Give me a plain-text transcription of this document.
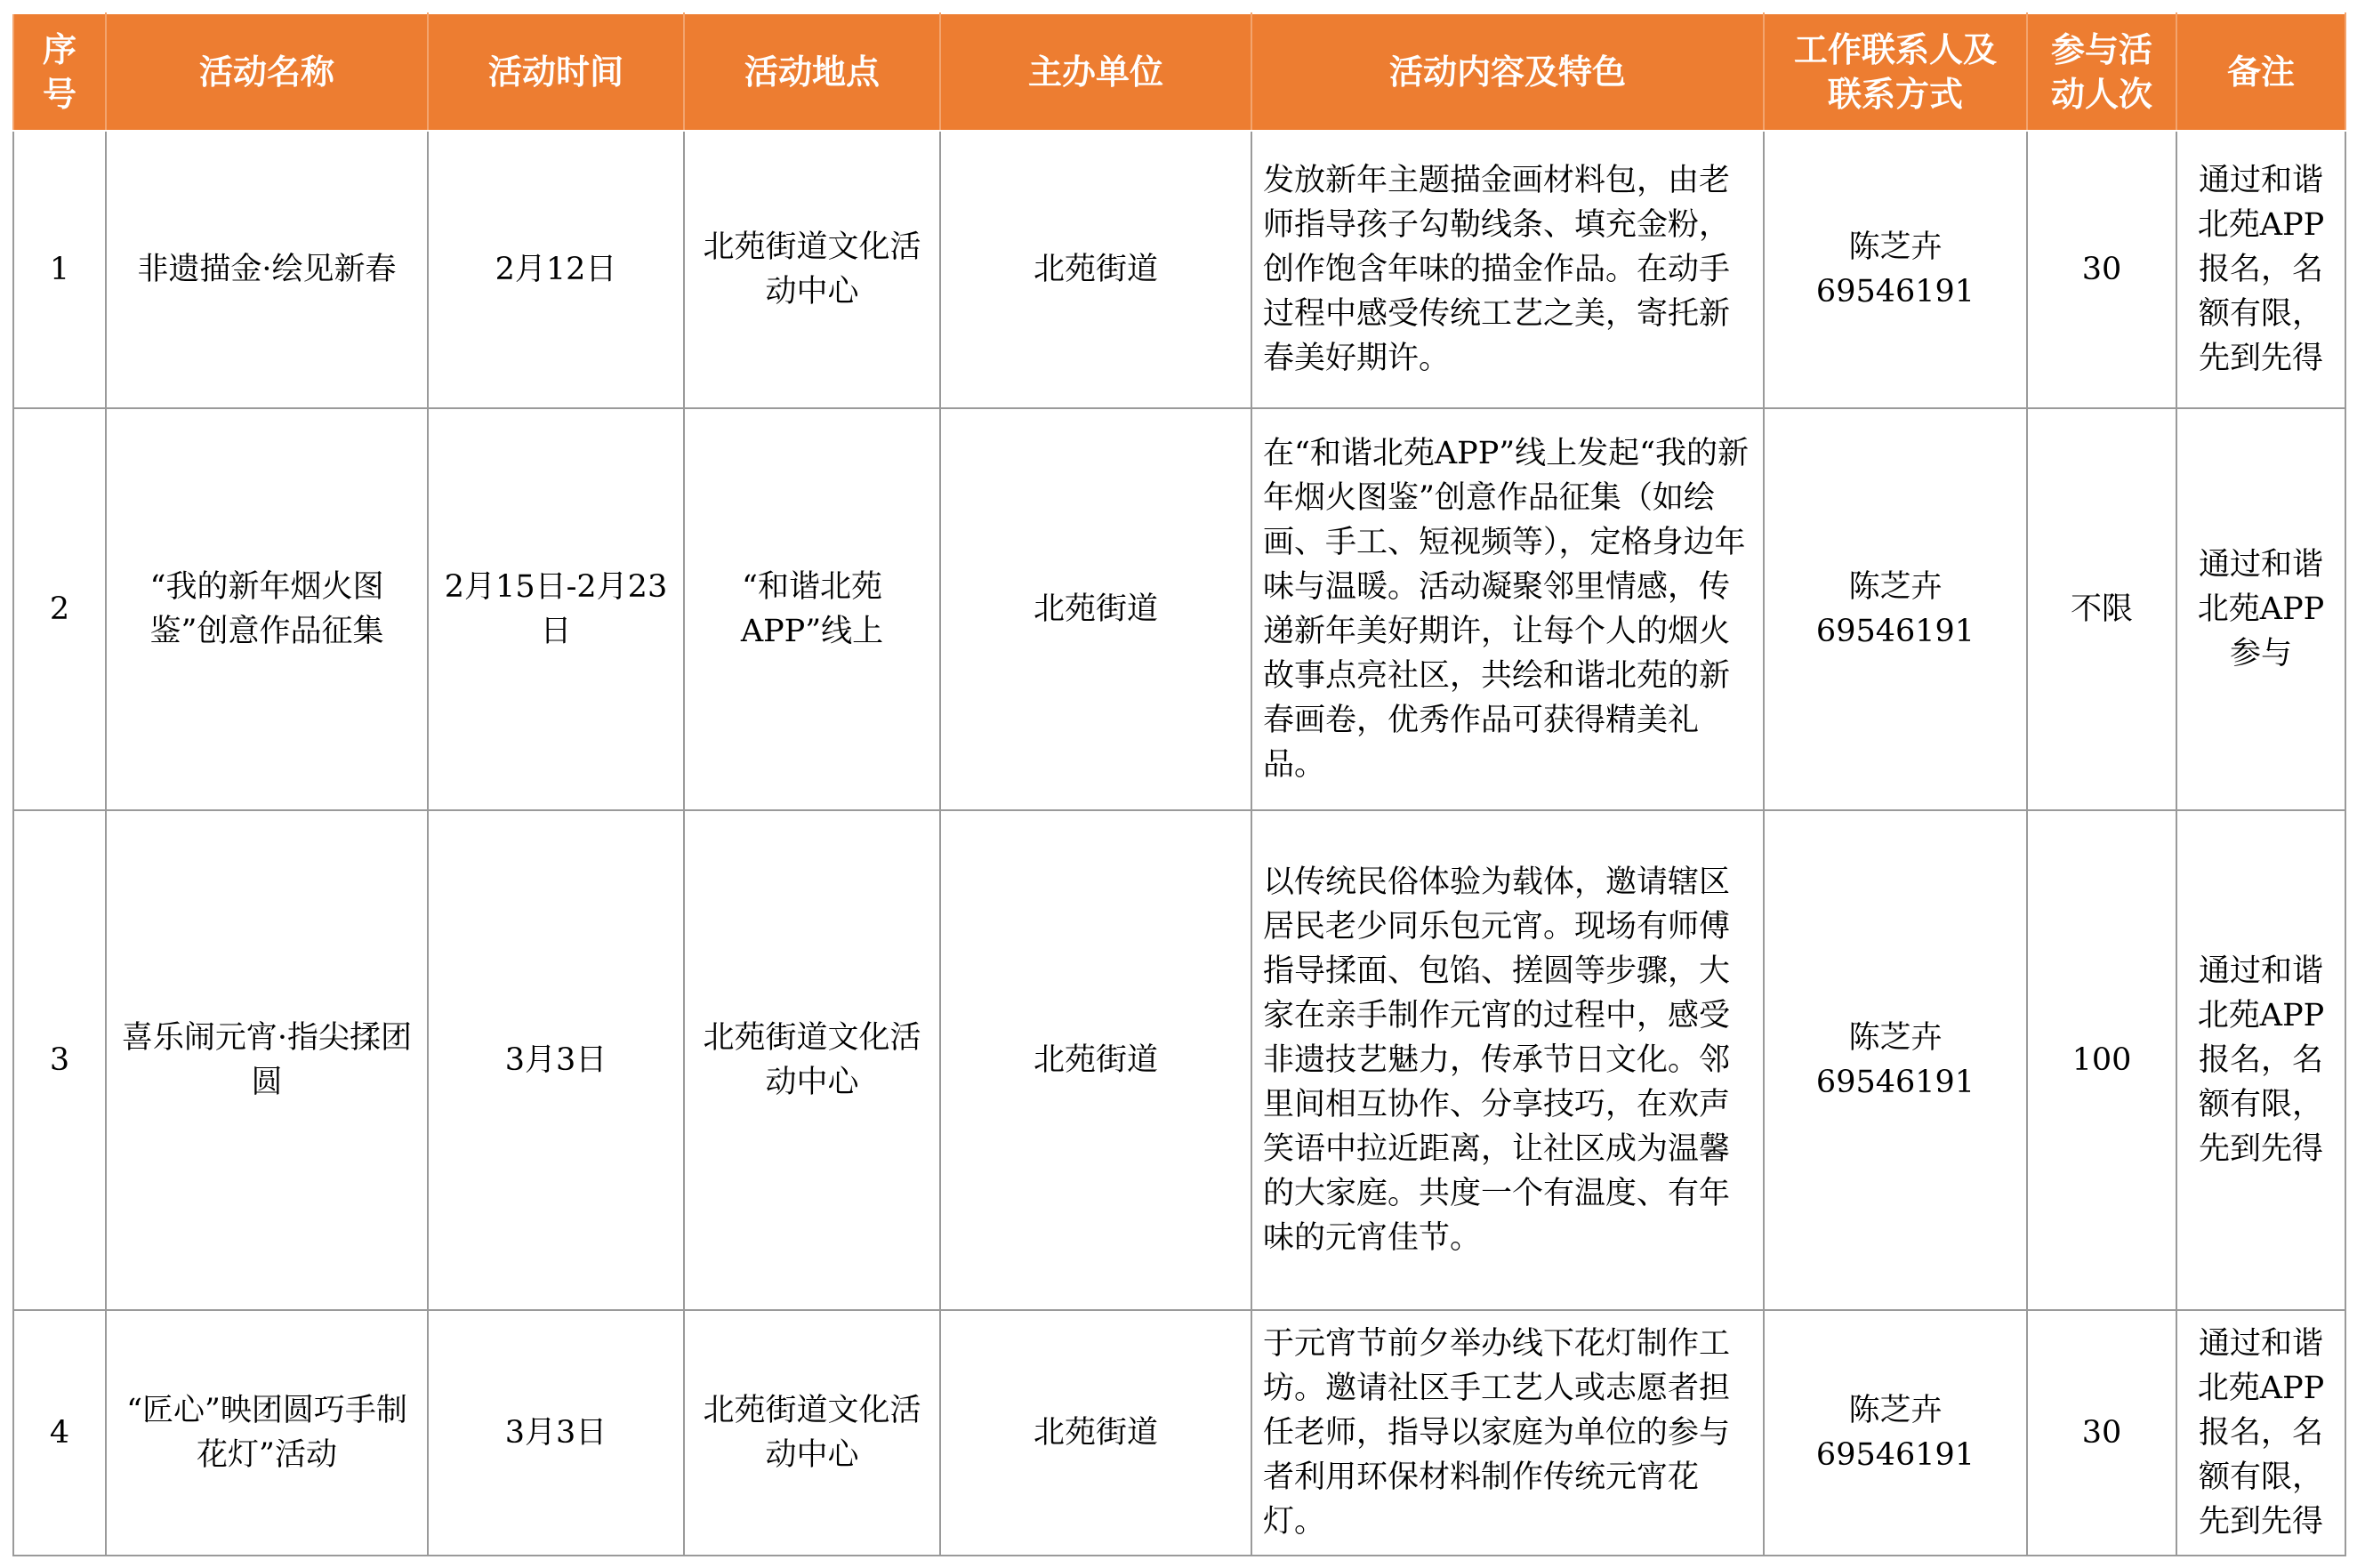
序号	活动名称	活动时间	活动地点	主办单位	活动内容及特色	工作联系人及联系方式	参与活动人次	备注
1	非遗描金·绘见新春	2月12日	北苑街道文化活动中心	北苑街道	发放新年主题描金画材料包，由老师指导孩子勾勒线条、填充金粉，创作饱含年味的描金作品。在动手过程中感受传统工艺之美，寄托新春美好期许。	陈芝卉69546191	30	通过和谐北苑APP报名，名额有限，先到先得
2	“我的新年烟火图鉴”创意作品征集	2月15日-2月23日	“和谐北苑APP”线上	北苑街道	在“和谐北苑APP”线上发起“我的新年烟火图鉴”创意作品征集（如绘画、手工、短视频等），定格身边年味与温暖。活动凝聚邻里情感，传递新年美好期许，让每个人的烟火故事点亮社区，共绘和谐北苑的新春画卷，优秀作品可获得精美礼品。	陈芝卉69546191	不限	通过和谐北苑APP参与
3	喜乐闹元宵·指尖揉团圆	3月3日	北苑街道文化活动中心	北苑街道	以传统民俗体验为载体，邀请辖区居民老少同乐包元宵。现场有师傅指导揉面、包馅、搓圆等步骤，大家在亲手制作元宵的过程中，感受非遗技艺魅力，传承节日文化。邻里间相互协作、分享技巧，在欢声笑语中拉近距离，让社区成为温馨的大家庭。共度一个有温度、有年味的元宵佳节。	陈芝卉69546191	100	通过和谐北苑APP报名，名额有限，先到先得
4	“匠心”映团圆巧手制花灯”活动	3月3日	北苑街道文化活动中心	北苑街道	于元宵节前夕举办线下花灯制作工坊。邀请社区手工艺人或志愿者担任老师，指导以家庭为单位的参与者利用环保材料制作传统元宵花灯。	陈芝卉69546191	30	通过和谐北苑APP报名，名额有限，先到先得
